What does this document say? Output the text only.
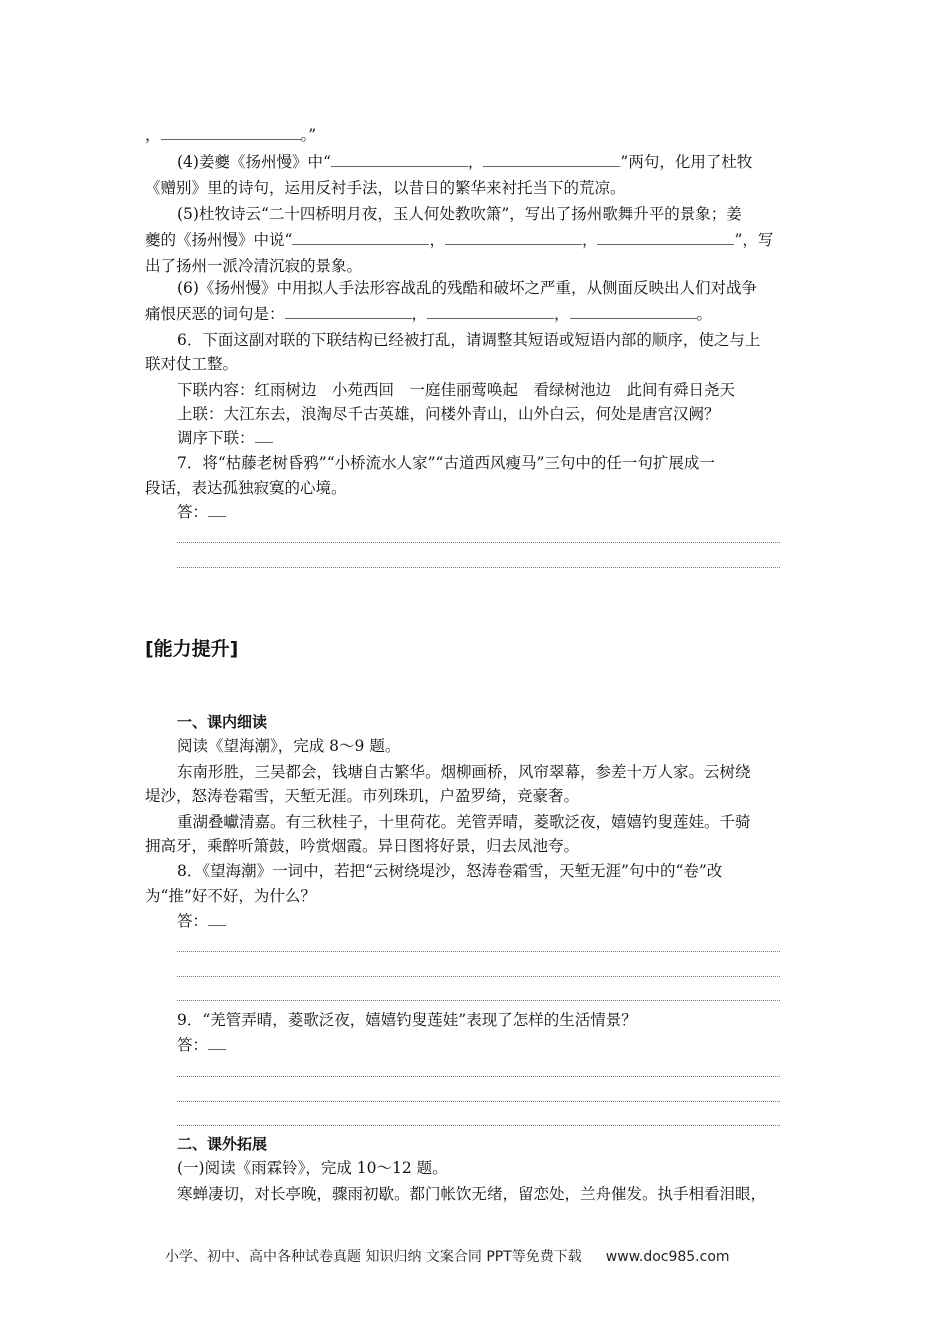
，	。”
(4)姜夔《扬州慢》中“	，	”两句，化用了杜牧
《赠别》里的诗句，运用反衬手法，以昔日的繁华来衬托当下的荒凉。
(5)杜牧诗云“二十四桥明月夜，玉人何处教吹箫”，写出了扬州歌舞升平的景象；姜
夔的《扬州慢》中说“	，	，	”，写
出了扬州一派冷清沉寂的景象。
(6)《扬州慢》中用拟人手法形容战乱的残酷和破坏之严重，从侧面反映出人们对战争
痛恨厌恶的词句是：	，	，	。
6．下面这副对联的下联结构已经被打乱，请调整其短语或短语内部的顺序，使之与上
联对仗工整。
下联内容：红雨树边　小苑西回　一庭佳丽莺唤起　看绿树池边　此间有舜日尧天
上联：大江东去，浪淘尽千古英雄，问楼外青山，山外白云，何处是唐宫汉阙？
调序下联：
7．将“枯藤老树昏鸦”“小桥流水人家”“古道西风瘦马”三句中的任一句扩展成一
段话，表达孤独寂寞的心境。
答：
[能力提升]
一、课内细读
阅读《望海潮》，完成 8～9 题。
东南形胜，三吴都会，钱塘自古繁华。烟柳画桥，风帘翠幕，参差十万人家。云树绕
堤沙，怒涛卷霜雪，天堑无涯。市列珠玑，户盈罗绮，竞豪奢。
重湖叠巘清嘉。有三秋桂子，十里荷花。羌管弄晴，菱歌泛夜，嬉嬉钓叟莲娃。千骑
拥高牙，乘醉听箫鼓，吟赏烟霞。异日图将好景，归去凤池夸。
8．《望海潮》一词中，若把“云树绕堤沙，怒涛卷霜雪，天堑无涯”句中的“卷”改
为“推”好不好，为什么？
答：
9．“羌管弄晴，菱歌泛夜，嬉嬉钓叟莲娃”表现了怎样的生活情景？
答：
二、课外拓展
(一)阅读《雨霖铃》，完成 10～12 题。
寒蝉凄切，对长亭晚，骤雨初歇。都门帐饮无绪，留恋处，兰舟催发。执手相看泪眼，
小学、初中、高中各种试卷真题 知识归纳 文案合同 PPT等免费下载 www.doc985.com
